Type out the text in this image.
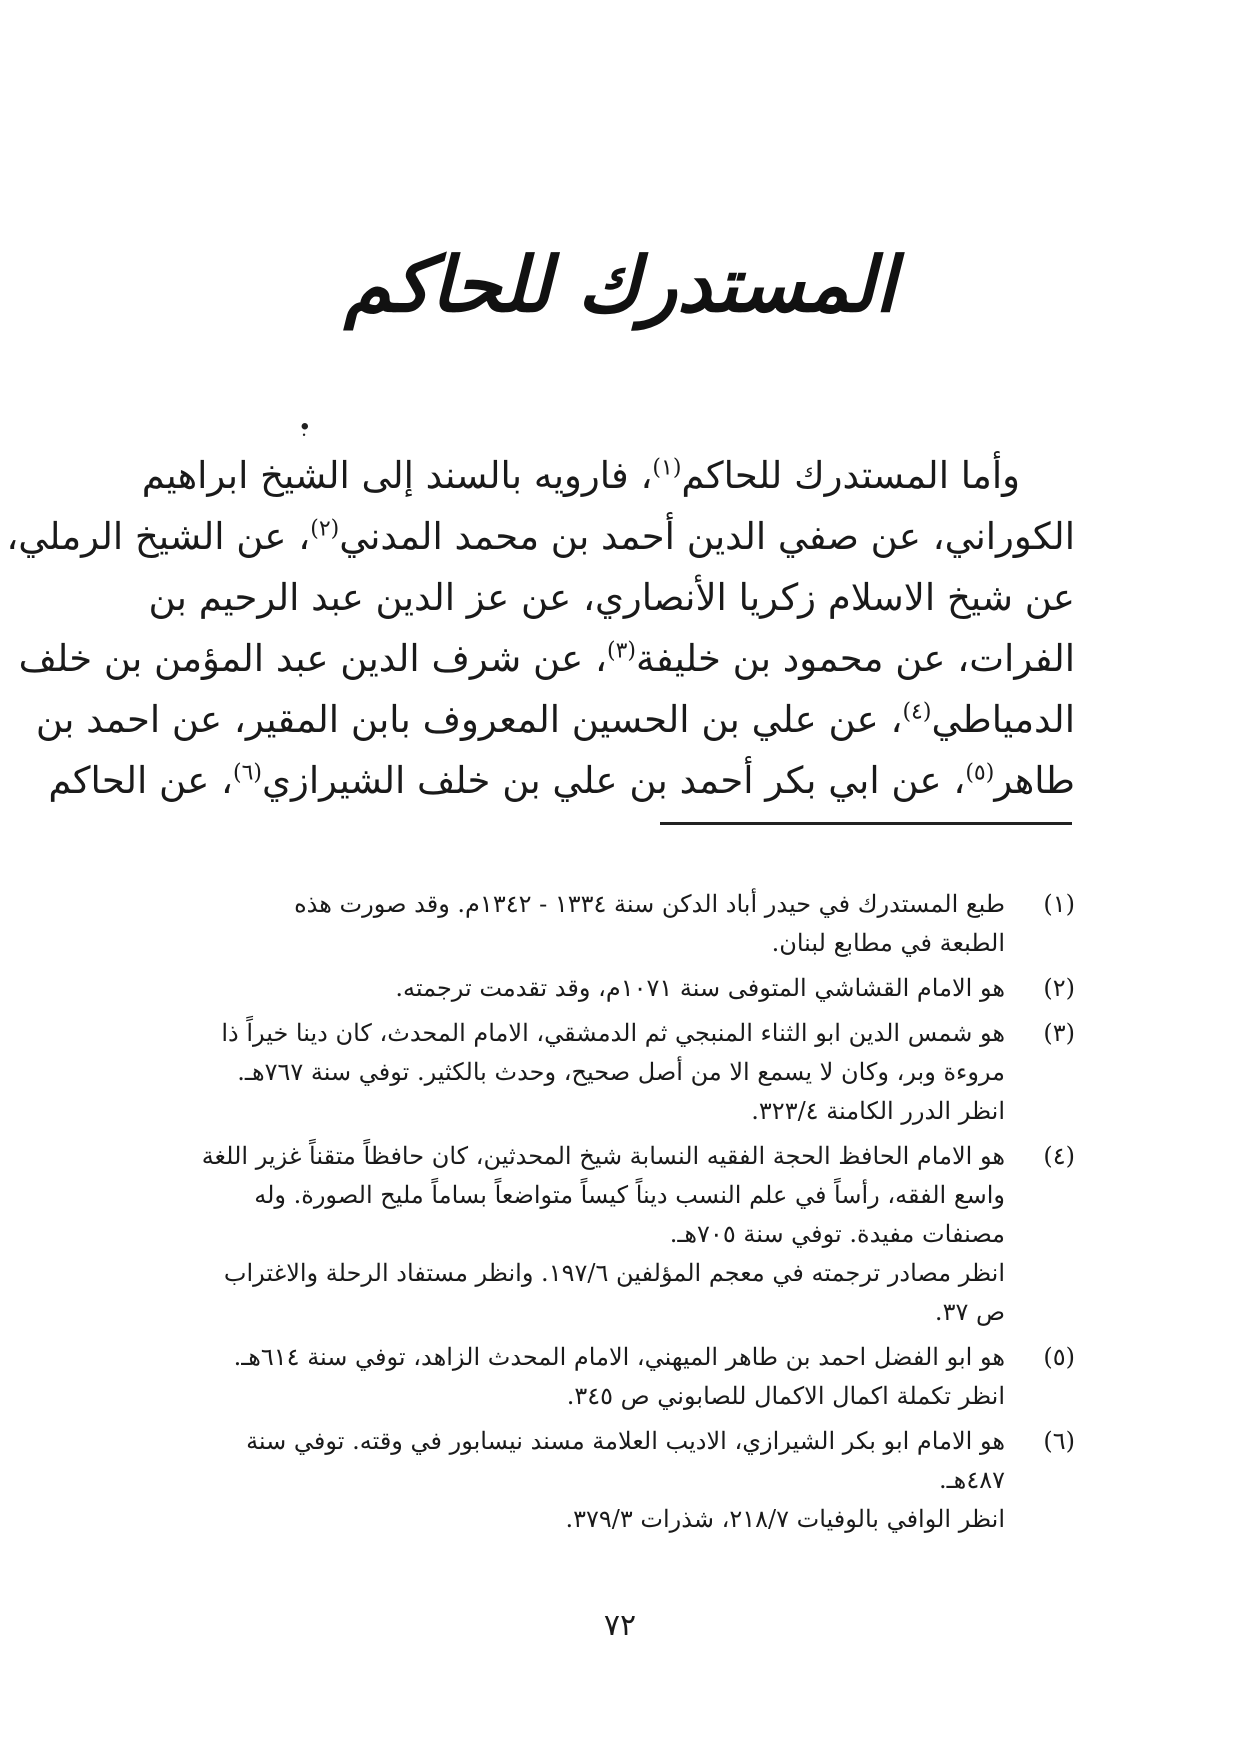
المستدرك للحاكم
•ٜ
وأما المستدرك للحاكم$^{(١)}$، فارويه بالسند إلى الشيخ ابراهيم
الكوراني، عن صفي الدين أحمد بن محمد المدني$^{(٢)}$، عن الشيخ الرملي،
عن شيخ الاسلام زكريا الأنصاري، عن عز الدين عبد الرحيم بن
الفرات، عن محمود بن خليفة$^{(٣)}$، عن شرف الدين عبد المؤمن بن خلف
الدمياطي$^{(٤)}$، عن علي بن الحسين المعروف بابن المقير، عن احمد بن
طاهر$^{(٥)}$، عن ابي بكر أحمد بن علي بن خلف الشيرازي$^{(٦)}$، عن الحاكم
(١)
طبع المستدرك في حيدر أباد الدكن سنة ١٣٣٤ - ١٣٤٢م. وقد صورت هذه
الطبعة في مطابع لبنان.
(٢)
هو الامام القشاشي المتوفى سنة ١٠٧١م، وقد تقدمت ترجمته.
(٣)
هو شمس الدين ابو الثناء المنبجي ثم الدمشقي، الامام المحدث، كان دينا خيراً ذا
مروءة وبر، وكان لا يسمع الا من أصل صحيح، وحدث بالكثير. توفي سنة ٧٦٧هـ.
انظر الدرر الكامنة ٣٢٣/٤.
(٤)
هو الامام الحافظ الحجة الفقيه النسابة شيخ المحدثين، كان حافظاً متقناً غزير اللغة
واسع الفقه، رأساً في علم النسب ديناً كيساً متواضعاً بساماً مليح الصورة. وله
مصنفات مفيدة. توفي سنة ٧٠٥هـ.
انظر مصادر ترجمته في معجم المؤلفين ١٩٧/٦. وانظر مستفاد الرحلة والاغتراب
ص ٣٧.
(٥)
هو ابو الفضل احمد بن طاهر الميهني، الامام المحدث الزاهد، توفي سنة ٦١٤هـ.
انظر تكملة اكمال الاكمال للصابوني ص ٣٤٥.
(٦)
هو الامام ابو بكر الشيرازي، الاديب العلامة مسند نيسابور في وقته. توفي سنة
٤٨٧هـ.
انظر الوافي بالوفيات ٢١٨/٧، شذرات ٣٧٩/٣.
٧٢
